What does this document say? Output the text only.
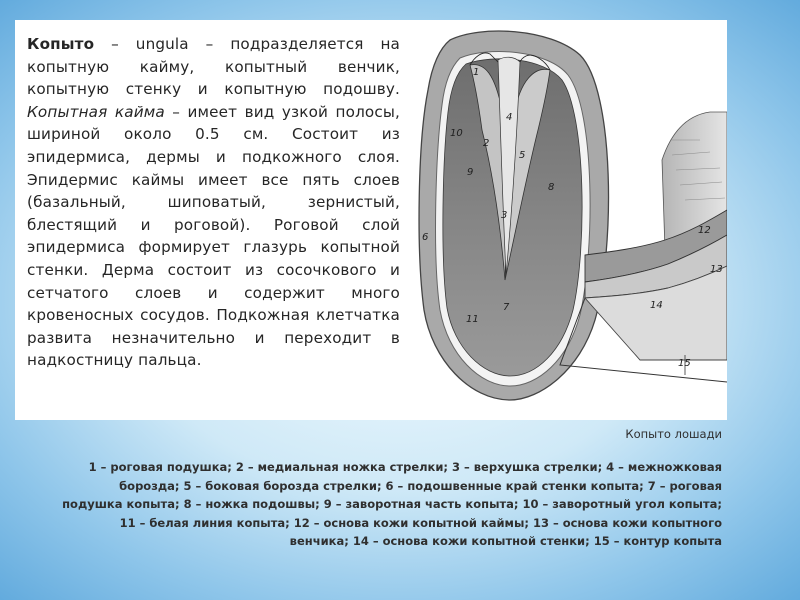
Копыто – ungula – подразделяется на копытную кайму, копытный венчик, копытную стенку и копытную подошву. Копытная кайма – имеет вид узкой полосы, шириной около 0.5 см. Состоит из эпидермиса, дермы и подкожного слоя. Эпидермис каймы имеет все пять слоев (базальный, шиповатый, зернистый, блестящий и роговой). Роговой слой эпидермиса формирует глазурь копытной стенки. Дерма состоит из сосочкового и сетчатого слоев и содержит много кровеносных сосудов. Подкожная клетчатка развита незначительно и переходит в надкостницу пальца.

1
2
3
4
5
6
7
8
9
10
11
12
13
14
15
Копыто лошади
1 – роговая подушка; 2 – медиальная ножка стрелки; 3 – верхушка стрелки; 4 – межножковая борозда; 5 – боковая борозда стрелки; 6 – подошвенные край стенки копыта; 7 – роговая подушка копыта; 8 – ножка подошвы; 9 – заворотная часть копыта; 10 – заворотный угол копыта; 11 – белая линия копыта; 12 – основа кожи копытной каймы; 13 – основа кожи копытного венчика; 14 – основа кожи копытной стенки; 15 – контур копыта
